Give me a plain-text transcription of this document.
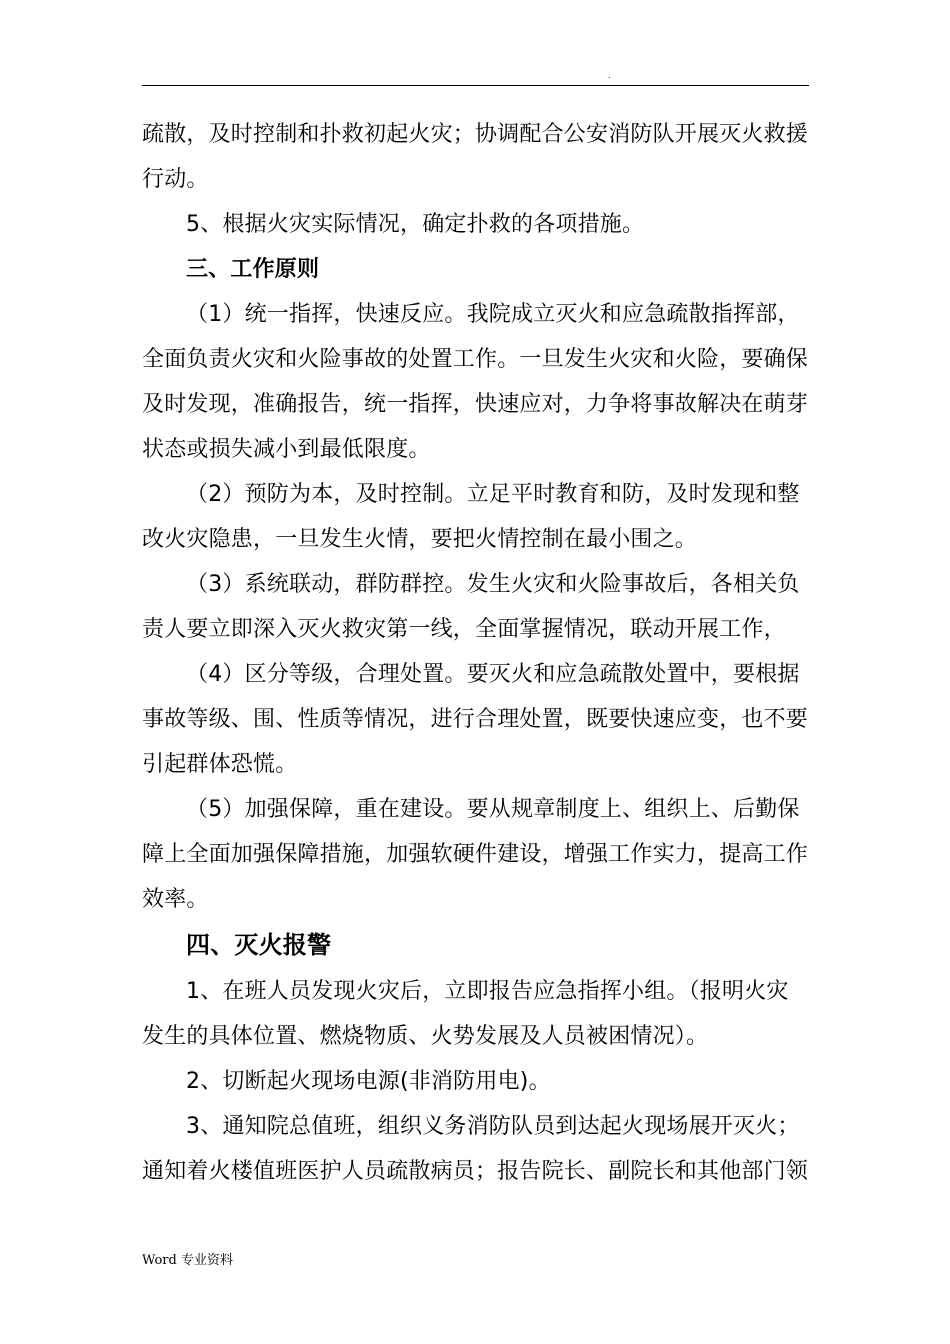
.
疏散，及时控制和扑救初起火灾；协调配合公安消防队开展灭火救援
行动。
5、根据火灾实际情况，确定扑救的各项措施。
三、工作原则
（1）统一指挥，快速反应。我院成立灭火和应急疏散指挥部，
全面负责火灾和火险事故的处置工作。一旦发生火灾和火险，要确保
及时发现，准确报告，统一指挥，快速应对，力争将事故解决在萌芽
状态或损失减小到最低限度。
（2）预防为本，及时控制。立足平时教育和防，及时发现和整
改火灾隐患，一旦发生火情，要把火情控制在最小围之。
（3）系统联动，群防群控。发生火灾和火险事故后，各相关负
责人要立即深入灭火救灾第一线，全面掌握情况，联动开展工作，
（4）区分等级，合理处置。要灭火和应急疏散处置中，要根据
事故等级、围、性质等情况，进行合理处置，既要快速应变，也不要
引起群体恐慌。
（5）加强保障，重在建设。要从规章制度上、组织上、后勤保
障上全面加强保障措施，加强软硬件建设，增强工作实力，提高工作
效率。
四、灭火报警
1、在班人员发现火灾后，立即报告应急指挥小组。（报明火灾
发生的具体位置、燃烧物质、火势发展及人员被困情况）。
2、切断起火现场电源(非消防用电)。
3、通知院总值班，组织义务消防队员到达起火现场展开灭火；
通知着火楼值班医护人员疏散病员；报告院长、副院长和其他部门领
Word 专业资料
